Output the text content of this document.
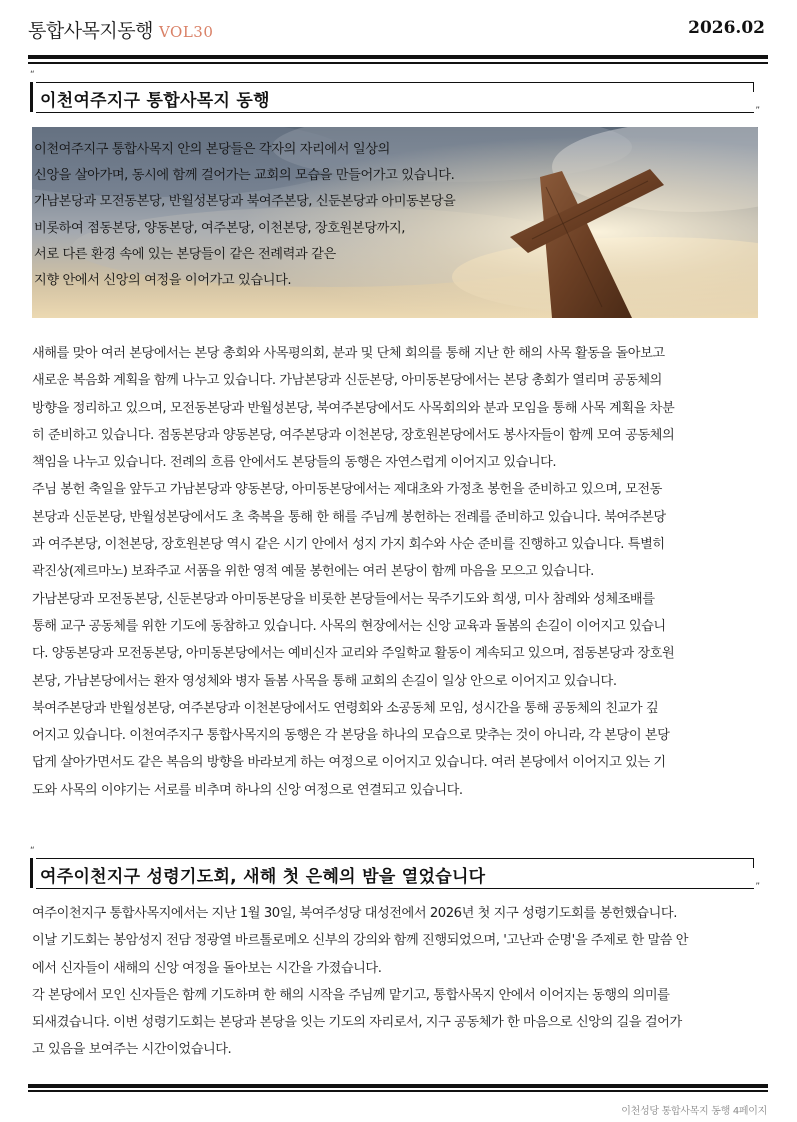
통합사목지동행 VOL30	2026.02
“
”
이천여주지구 통합사목지 동행
이천여주지구 통합사목지 안의 본당들은 각자의 자리에서 일상의
신앙을 살아가며, 동시에 함께 걸어가는 교회의 모습을 만들어가고 있습니다.
가남본당과 모전동본당, 반월성본당과 북여주본당, 신둔본당과 아미동본당을
비롯하여 점동본당, 양동본당, 여주본당, 이천본당, 장호원본당까지,
서로 다른 환경 속에 있는 본당들이 같은 전례력과 같은
지향 안에서 신앙의 여정을 이어가고 있습니다.
새해를 맞아 여러 본당에서는 본당 총회와 사목평의회, 분과 및 단체 회의를 통해 지난 한 해의 사목 활동을 돌아보고
새로운 복음화 계획을 함께 나누고 있습니다. 가남본당과 신둔본당, 아미동본당에서는 본당 총회가 열리며 공동체의
방향을 정리하고 있으며, 모전동본당과 반월성본당, 북여주본당에서도 사목회의와 분과 모임을 통해 사목 계획을 차분
히 준비하고 있습니다. 점동본당과 양동본당, 여주본당과 이천본당, 장호원본당에서도 봉사자들이 함께 모여 공동체의
책임을 나누고 있습니다. 전례의 흐름 안에서도 본당들의 동행은 자연스럽게 이어지고 있습니다.
주님 봉헌 축일을 앞두고 가남본당과 양동본당, 아미동본당에서는 제대초와 가정초 봉헌을 준비하고 있으며, 모전동
본당과 신둔본당, 반월성본당에서도 초 축복을 통해 한 해를 주님께 봉헌하는 전례를 준비하고 있습니다. 북여주본당
과 여주본당, 이천본당, 장호원본당 역시 같은 시기 안에서 성지 가지 회수와 사순 준비를 진행하고 있습니다. 특별히
곽진상(제르마노) 보좌주교 서품을 위한 영적 예물 봉헌에는 여러 본당이 함께 마음을 모으고 있습니다.
가남본당과 모전동본당, 신둔본당과 아미동본당을 비롯한 본당들에서는 묵주기도와 희생, 미사 참례와 성체조배를
통해 교구 공동체를 위한 기도에 동참하고 있습니다. 사목의 현장에서는 신앙 교육과 돌봄의 손길이 이어지고 있습니
다. 양동본당과 모전동본당, 아미동본당에서는 예비신자 교리와 주일학교 활동이 계속되고 있으며, 점동본당과 장호원
본당, 가남본당에서는 환자 영성체와 병자 돌봄 사목을 통해 교회의 손길이 일상 안으로 이어지고 있습니다.
북여주본당과 반월성본당, 여주본당과 이천본당에서도 연령회와 소공동체 모임, 성시간을 통해 공동체의 친교가 깊
어지고 있습니다. 이천여주지구 통합사목지의 동행은 각 본당을 하나의 모습으로 맞추는 것이 아니라, 각 본당이 본당
답게 살아가면서도 같은 복음의 방향을 바라보게 하는 여정으로 이어지고 있습니다. 여러 본당에서 이어지고 있는 기
도와 사목의 이야기는 서로를 비추며 하나의 신앙 여정으로 연결되고 있습니다.
“
”
여주이천지구 성령기도회, 새해 첫 은혜의 밤을 열었습니다
여주이천지구 통합사목지에서는 지난 1월 30일, 북여주성당 대성전에서 2026년 첫 지구 성령기도회를 봉헌했습니다.
이날 기도회는 봉암성지 전담 정광열 바르톨로메오 신부의 강의와 함께 진행되었으며, '고난과 순명'을 주제로 한 말씀 안
에서 신자들이 새해의 신앙 여정을 돌아보는 시간을 가졌습니다.
각 본당에서 모인 신자들은 함께 기도하며 한 해의 시작을 주님께 맡기고, 통합사목지 안에서 이어지는 동행의 의미를
되새겼습니다. 이번 성령기도회는 본당과 본당을 잇는 기도의 자리로서, 지구 공동체가 한 마음으로 신앙의 길을 걸어가
고 있음을 보여주는 시간이었습니다.
이천성당 통합사목지 동행 4페이지
